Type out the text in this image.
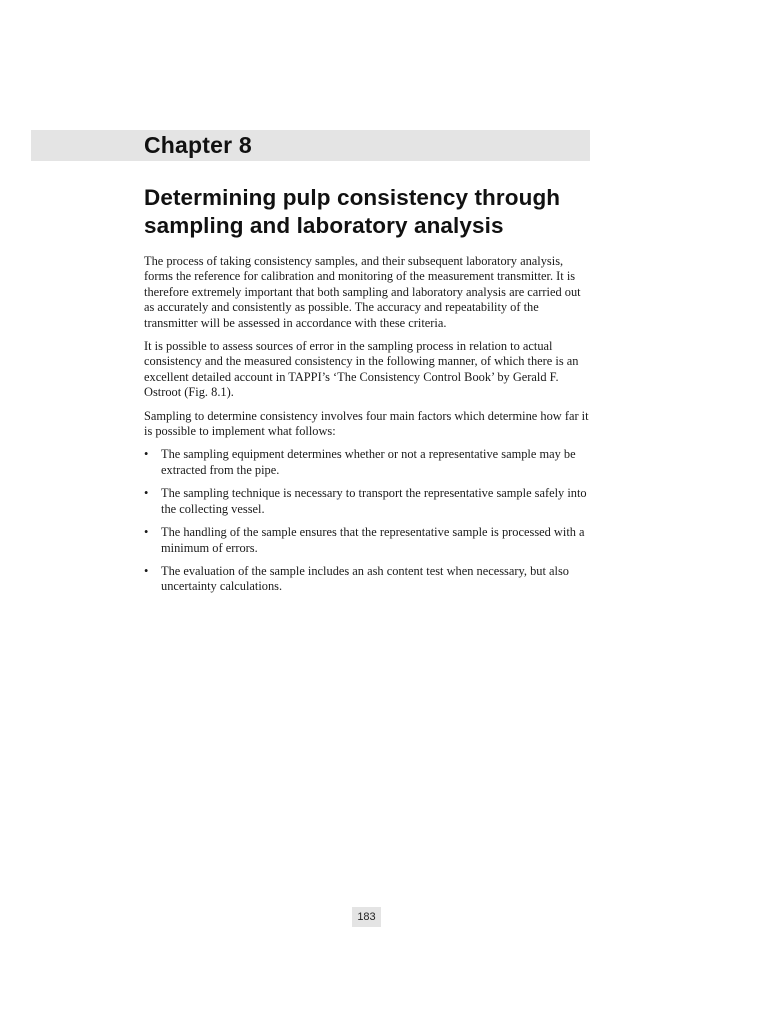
Chapter 8
Determining pulp consistency through sampling and laboratory analysis

The process of taking consistency samples, and their subsequent laboratory analysis, forms the reference for calibration and monitoring of the measurement transmitter. It is therefore extremely important that both sampling and laboratory analysis are carried out as accurately and consistently as possible. The accuracy and repeatability of the transmitter will be assessed in accordance with these criteria.

It is possible to assess sources of error in the sampling process in relation to actual consistency and the measured consistency in the following manner, of which there is an excellent detailed account in TAPPI’s ‘The Consistency Control Book’ by Gerald F. Ostroot (Fig. 8.1).

Sampling to determine consistency involves four main factors which determine how far it is possible to implement what follows:

• The sampling equipment determines whether or not a representative sample may be extracted from the pipe.
• The sampling technique is necessary to transport the representative sample safely into the collecting vessel.
• The handling of the sample ensures that the representative sample is processed with a minimum of errors.
• The evaluation of the sample includes an ash content test when necessary, but also uncertainty calculations.
183
